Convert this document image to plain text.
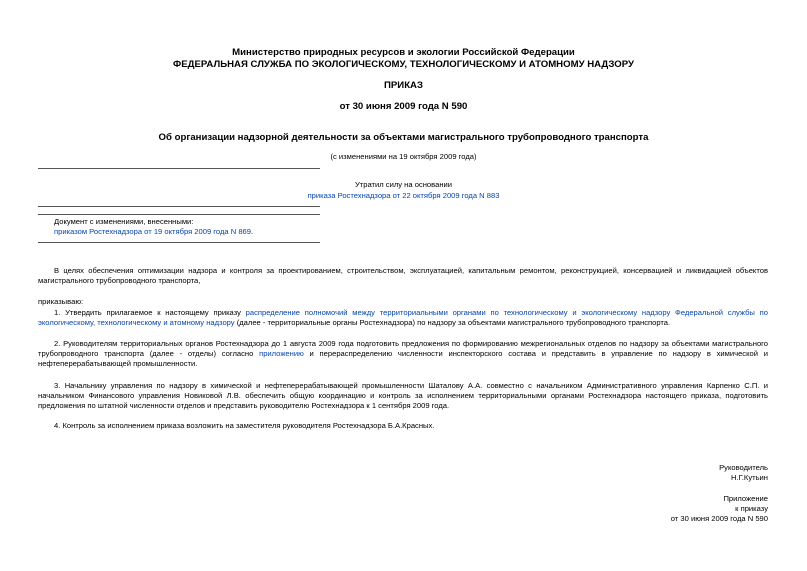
Министерство природных ресурсов и экологии Российской Федерации
ФЕДЕРАЛЬНАЯ СЛУЖБА ПО ЭКОЛОГИЧЕСКОМУ, ТЕХНОЛОГИЧЕСКОМУ И АТОМНОМУ НАДЗОРУ
ПРИКАЗ
от 30 июня 2009 года N 590
Об организации надзорной деятельности за объектами магистрального трубопроводного транспорта
(с изменениями на 19 октября 2009 года)
Утратил силу на основании
приказа Ростехнадзора от 22 октября 2009 года N 883
Документ с изменениями, внесенными:
приказом Ростехнадзора от 19 октября 2009 года N 869.
В целях обеспечения оптимизации надзора и контроля за проектированием, строительством, эксплуатацией, капитальным ремонтом, реконструкцией, консервацией и ликвидацией объектов магистрального трубопроводного транспорта,
приказываю:
1. Утвердить прилагаемое к настоящему приказу распределение полномочий между территориальными органами по технологическому и экологическому надзору Федеральной службы по экологическому, технологическому и атомному надзору (далее - территориальные органы Ростехнадзора) по надзору за объектами магистрального трубопроводного транспорта.
2. Руководителям территориальных органов Ростехнадзора до 1 августа 2009 года подготовить предложения по формированию межрегиональных отделов по надзору за объектами магистрального трубопроводного транспорта (далее - отделы) согласно приложению и перераспределению численности инспекторского состава и представить в управление по надзору в химической и нефтеперерабатывающей промышленности.
3. Начальнику управления по надзору в химической и нефтеперерабатывающей промышленности Шаталову А.А. совместно с начальником Административного управления Карпенко С.П. и начальником Финансового управления Новиковой Л.В. обеспечить общую координацию и контроль за исполнением территориальными органами Ростехнадзора настоящего приказа, подготовить предложения по штатной численности отделов и представить руководителю Ростехнадзора к 1 сентября 2009 года.
4. Контроль за исполнением приказа возложить на заместителя руководителя Ростехнадзора Б.А.Красных.
Руководитель
Н.Г.Кутьин
Приложение
к приказу
от 30 июня 2009 года N 590
